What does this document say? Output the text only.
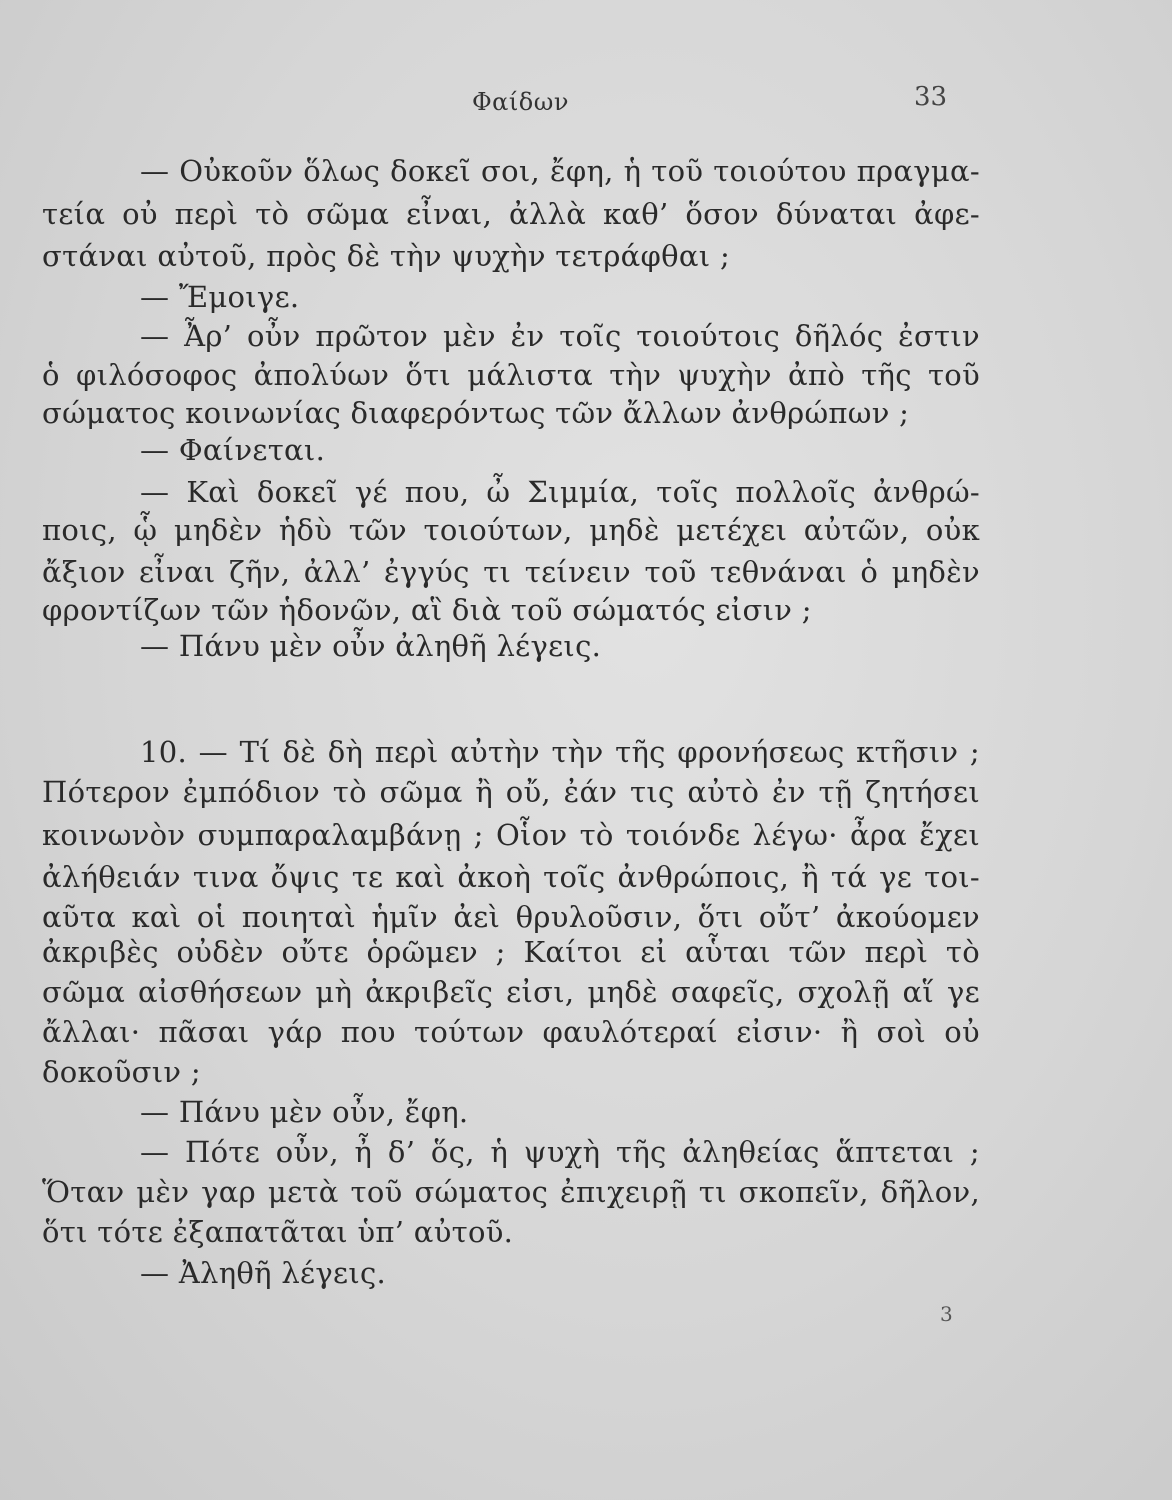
Φαίδων	33
— Οὐκοῦν ὅλως δοκεῖ σοι, ἔφη, ἡ τοῦ τοιούτου πραγμα-
τεία οὐ περὶ τὸ σῶμα εἶναι, ἀλλὰ καθ’ ὅσον δύναται ἀφε-
στάναι αὐτοῦ, πρὸς δὲ τὴν ψυχὴν τετράφθαι ;
— Ἔμοιγε.
— Ἆρ’ οὖν πρῶτον μὲν ἐν τοῖς τοιούτοις δῆλός ἐστιν
ὁ φιλόσοφος ἀπολύων ὅτι μάλιστα τὴν ψυχὴν ἀπὸ τῆς τοῦ
σώματος κοινωνίας διαφερόντως τῶν ἄλλων ἀνθρώπων ;
— Φαίνεται.
— Καὶ δοκεῖ γέ που, ὦ Σιμμία, τοῖς πολλοῖς ἀνθρώ-
ποις, ᾧ μηδὲν ἡδὺ τῶν τοιούτων, μηδὲ μετέχει αὐτῶν, οὐκ
ἄξιον εἶναι ζῆν, ἀλλ’ ἐγγύς τι τείνειν τοῦ τεθνάναι ὁ μηδὲν
φροντίζων τῶν ἡδονῶν, αἳ διὰ τοῦ σώματός εἰσιν ;
— Πάνυ μὲν οὖν ἀληθῆ λέγεις.
10. — Τί δὲ δὴ περὶ αὐτὴν τὴν τῆς φρονήσεως κτῆσιν ;
Πότερον ἐμπόδιον τὸ σῶμα ἢ οὔ, ἐάν τις αὐτὸ ἐν τῇ ζητήσει
κοινωνὸν συμπαραλαμβάνῃ ; Οἷον τὸ τοιόνδε λέγω· ἆρα ἔχει
ἀλήθειάν τινα ὄψις τε καὶ ἀκοὴ τοῖς ἀνθρώποις, ἢ τά γε τοι-
αῦτα καὶ οἱ ποιηταὶ ἡμῖν ἀεὶ θρυλοῦσιν, ὅτι οὔτ’ ἀκούομεν
ἀκριβὲς οὐδὲν οὔτε ὁρῶμεν ; Καίτοι εἰ αὗται τῶν περὶ τὸ
σῶμα αἰσθήσεων μὴ ἀκριβεῖς εἰσι, μηδὲ σαφεῖς, σχολῇ αἵ γε
ἄλλαι· πᾶσαι γάρ που τούτων φαυλότεραί εἰσιν· ἢ σοὶ οὐ
δοκοῦσιν ;
— Πάνυ μὲν οὖν, ἔφη.
— Πότε οὖν, ἦ δ’ ὅς, ἡ ψυχὴ τῆς ἀληθείας ἅπτεται ;
Ὅταν μὲν γαρ μετὰ τοῦ σώματος ἐπιχειρῇ τι σκοπεῖν, δῆλον,
ὅτι τότε ἐξαπατᾶται ὑπ’ αὐτοῦ.
— Ἀληθῆ λέγεις.
3
